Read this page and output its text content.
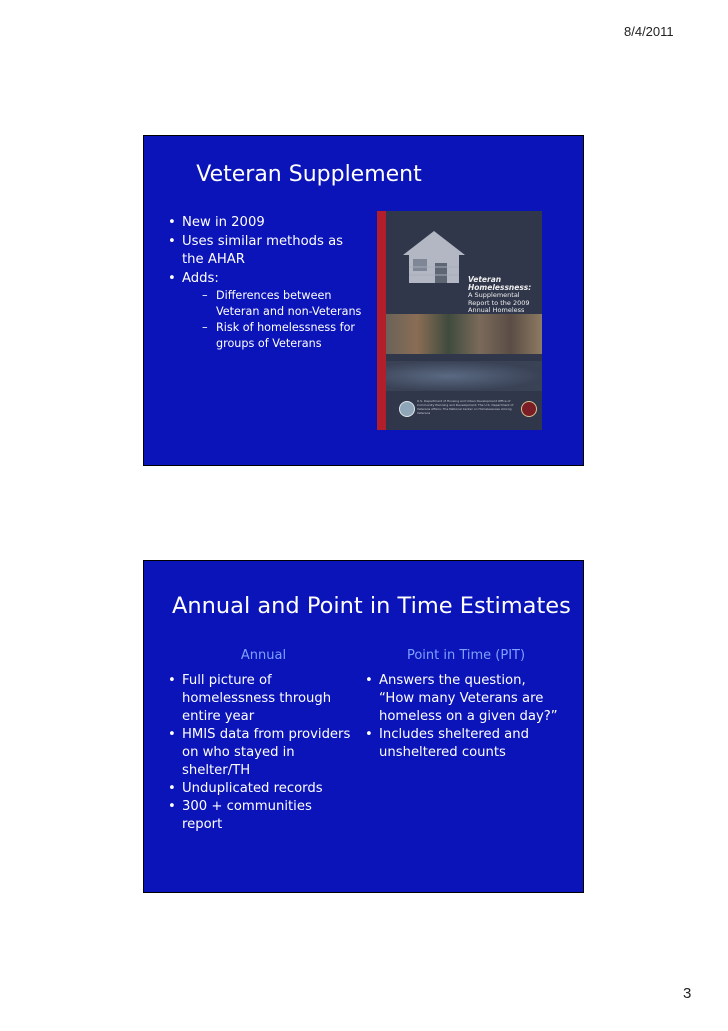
8/4/2011
Veteran Supplement
• New in 2009
• Uses similar methods as the AHAR
• Adds:
– Differences between Veteran and non-Veterans
– Risk of homelessness for groups of Veterans
Veteran Homelessness:
A Supplemental Report to the 2009 Annual Homeless
U.S. Department of Housing and Urban Development Office of Community Planning and Development; The U.S. Department of Veterans Affairs; The National Center on Homelessness Among Veterans
Annual and Point in Time Estimates
Annual	Point in Time (PIT)
• Full picture of homelessness through entire year
• HMIS data from providers on who stayed in shelter/TH
• Unduplicated records
• 300 + communities report
• Answers the question, “How many Veterans are homeless on a given day?”
• Includes sheltered and unsheltered counts
3
